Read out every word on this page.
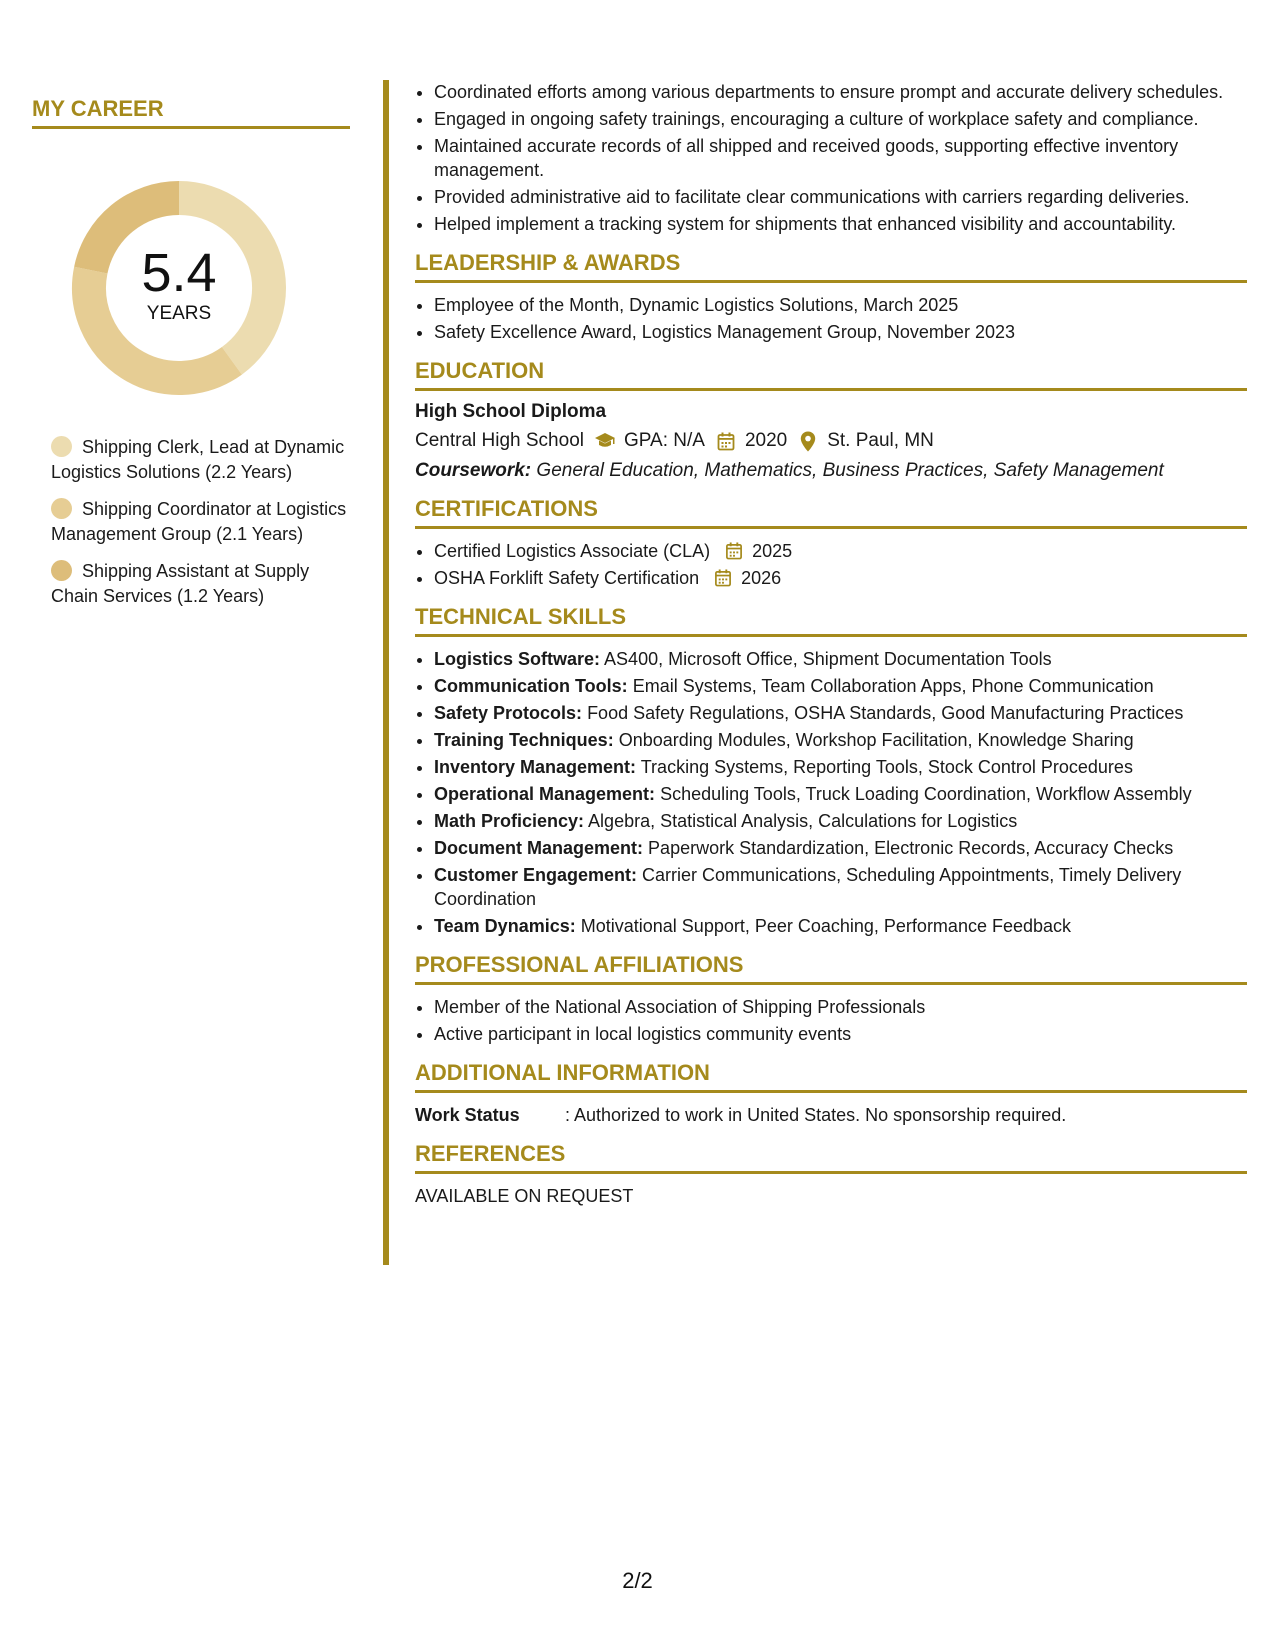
MY CAREER
5.4
YEARS
Shipping Clerk, Lead at Dynamic Logistics Solutions (2.2 Years)
Shipping Coordinator at Logistics Management Group (2.1 Years)
Shipping Assistant at Supply Chain Services (1.2 Years)
• Coordinated efforts among various departments to ensure prompt and accurate delivery schedules.
• Engaged in ongoing safety trainings, encouraging a culture of workplace safety and compliance.
• Maintained accurate records of all shipped and received goods, supporting effective inventory management.
• Provided administrative aid to facilitate clear communications with carriers regarding deliveries.
• Helped implement a tracking system for shipments that enhanced visibility and accountability.
LEADERSHIP & AWARDS
• Employee of the Month, Dynamic Logistics Solutions, March 2025
• Safety Excellence Award, Logistics Management Group, November 2023
EDUCATION
High School Diploma
Central High School GPA: N/A 2020 St. Paul, MN
Coursework: General Education, Mathematics, Business Practices, Safety Management
CERTIFICATIONS
• Certified Logistics Associate (CLA) 2025
• OSHA Forklift Safety Certification 2026
TECHNICAL SKILLS
• Logistics Software: AS400, Microsoft Office, Shipment Documentation Tools
• Communication Tools: Email Systems, Team Collaboration Apps, Phone Communication
• Safety Protocols: Food Safety Regulations, OSHA Standards, Good Manufacturing Practices
• Training Techniques: Onboarding Modules, Workshop Facilitation, Knowledge Sharing
• Inventory Management: Tracking Systems, Reporting Tools, Stock Control Procedures
• Operational Management: Scheduling Tools, Truck Loading Coordination, Workflow Assembly
• Math Proficiency: Algebra, Statistical Analysis, Calculations for Logistics
• Document Management: Paperwork Standardization, Electronic Records, Accuracy Checks
• Customer Engagement: Carrier Communications, Scheduling Appointments, Timely Delivery Coordination
• Team Dynamics: Motivational Support, Peer Coaching, Performance Feedback
PROFESSIONAL AFFILIATIONS
• Member of the National Association of Shipping Professionals
• Active participant in local logistics community events
ADDITIONAL INFORMATION
Work Status	: Authorized to work in United States. No sponsorship required.
REFERENCES
AVAILABLE ON REQUEST
2/2
